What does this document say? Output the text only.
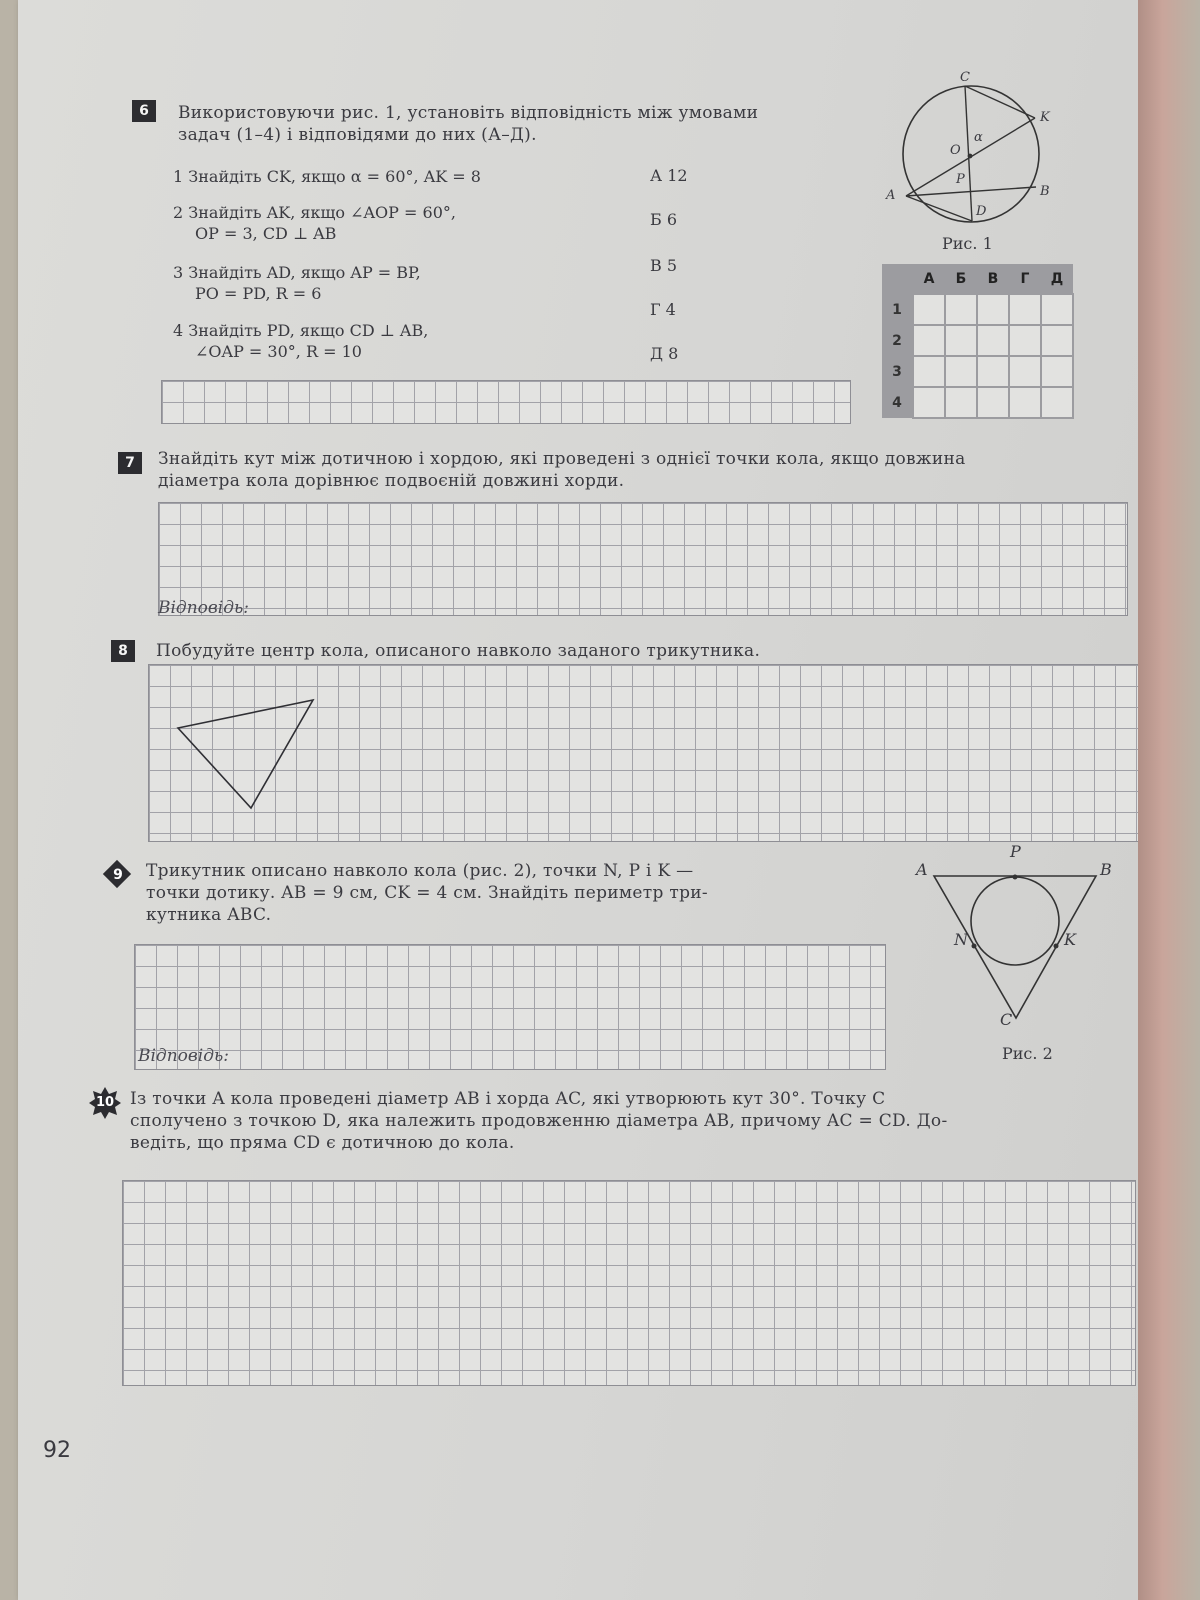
6	Використовуючи рис. 1, установіть відповідність між умовами
задач (1–4) і відповідями до них (А–Д).
1 Знайдіть CK, якщо α = 60°, AK = 8
2 Знайдіть AK, якщо ∠AOP = 60°,
OP = 3, CD ⊥ AB
3 Знайдіть AD, якщо AP = BP,
PO = PD, R = 6
4 Знайдіть PD, якщо CD ⊥ AB,
∠OAP = 30°, R = 10
А 12
Б 6
В 5
Г 4
Д 8
C
K
O
α
P
A	B
D
Рис. 1
	А	Б	В	Г	Д
1					
2					
3					
4					
7	Знайдіть кут між дотичною і хордою, які проведені з однієї точки кола, якщо довжина
діаметра кола дорівнює подвоєній довжині хорди.
Відповідь:
8	Побудуйте центр кола, описаного навколо заданого трикутника.
9	Трикутник описано навколо кола (рис. 2), точки N, P і K —
точки дотику. AB = 9 см, CK = 4 см. Знайдіть периметр три-
кутника ABC.
Відповідь:
A
P
B
N	K
C
Рис. 2
10 Із точки A кола проведені діаметр AB і хорда AC, які утворюють кут 30°. Точку C
сполучено з точкою D, яка належить продовженню діаметра AB, причому AC = CD. До-
ведіть, що пряма CD є дотичною до кола.
92
